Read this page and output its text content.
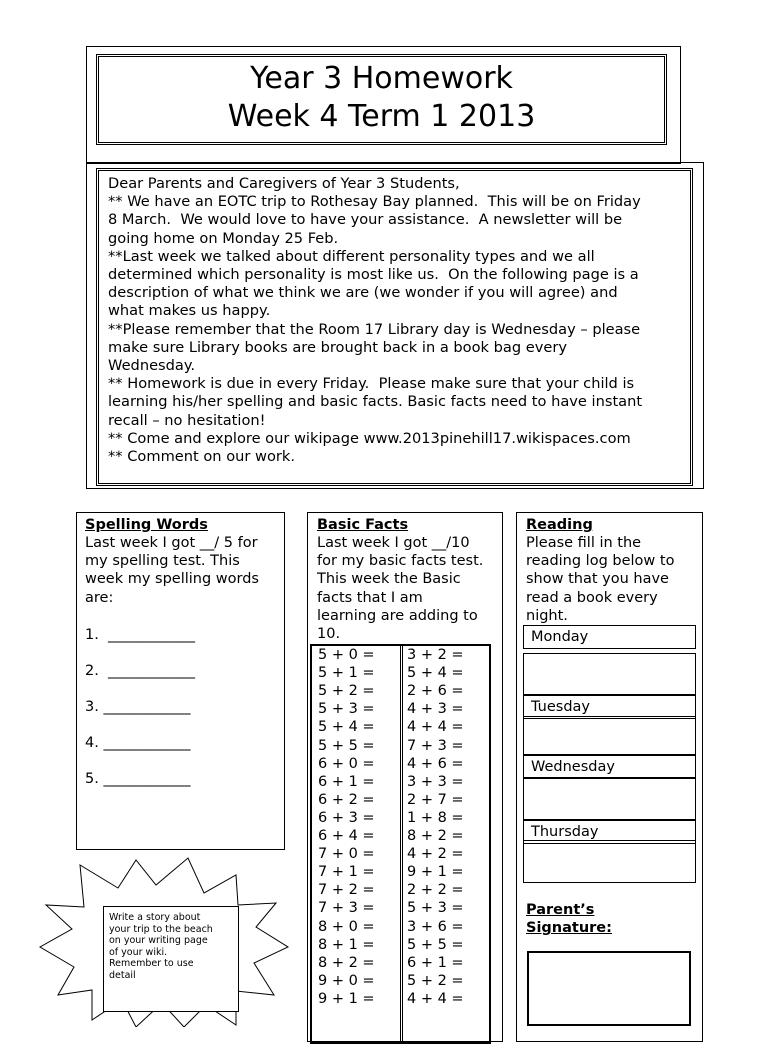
Year 3 Homework
Week 4 Term 1 2013
Dear Parents and Caregivers of Year 3 Students,
** We have an EOTC trip to Rothesay Bay planned.  This will be on Friday
8 March.  We would love to have your assistance.  A newsletter will be
going home on Monday 25 Feb.
**Last week we talked about different personality types and we all
determined which personality is most like us.  On the following page is a
description of what we think we are (we wonder if you will agree) and
what makes us happy.
**Please remember that the Room 17 Library day is Wednesday – please
make sure Library books are brought back in a book bag every
Wednesday.
** Homework is due in every Friday.  Please make sure that your child is
learning his/her spelling and basic facts. Basic facts need to have instant
recall – no hesitation!
** Come and explore our wikipage www.2013pinehill17.wikispaces.com
** Comment on our work.
Spelling Words
Last week I got __/ 5 for
my spelling test. This
week my spelling words
are:
1.  ____________
2.  ____________
3. ____________
4. ____________
5. ____________
Write a story about
your trip to the beach
on your writing page
of your wiki.
Remember to use
detail
Basic Facts
Last week I got __/10
for my basic facts test.
This week the Basic
facts that I am
learning are adding to
10.
5 + 0 =
5 + 1 =
5 + 2 =
5 + 3 =
5 + 4 =
5 + 5 =
6 + 0 =
6 + 1 =
6 + 2 =
6 + 3 =
6 + 4 =
7 + 0 =
7 + 1 =
7 + 2 =
7 + 3 =
8 + 0 =
8 + 1 =
8 + 2 =
9 + 0 =
9 + 1 =
3 + 2 =
5 + 4 =
2 + 6 =
4 + 3 =
4 + 4 =
7 + 3 =
4 + 6 =
3 + 3 =
2 + 7 =
1 + 8 =
8 + 2 =
4 + 2 =
9 + 1 =
2 + 2 =
5 + 3 =
3 + 6 =
5 + 5 =
6 + 1 =
5 + 2 =
4 + 4 =
Reading
Please fill in the
reading log below to
show that you have
read a book every
night.
Parent’s
Signature:
Monday
Tuesday
Wednesday
Thursday
